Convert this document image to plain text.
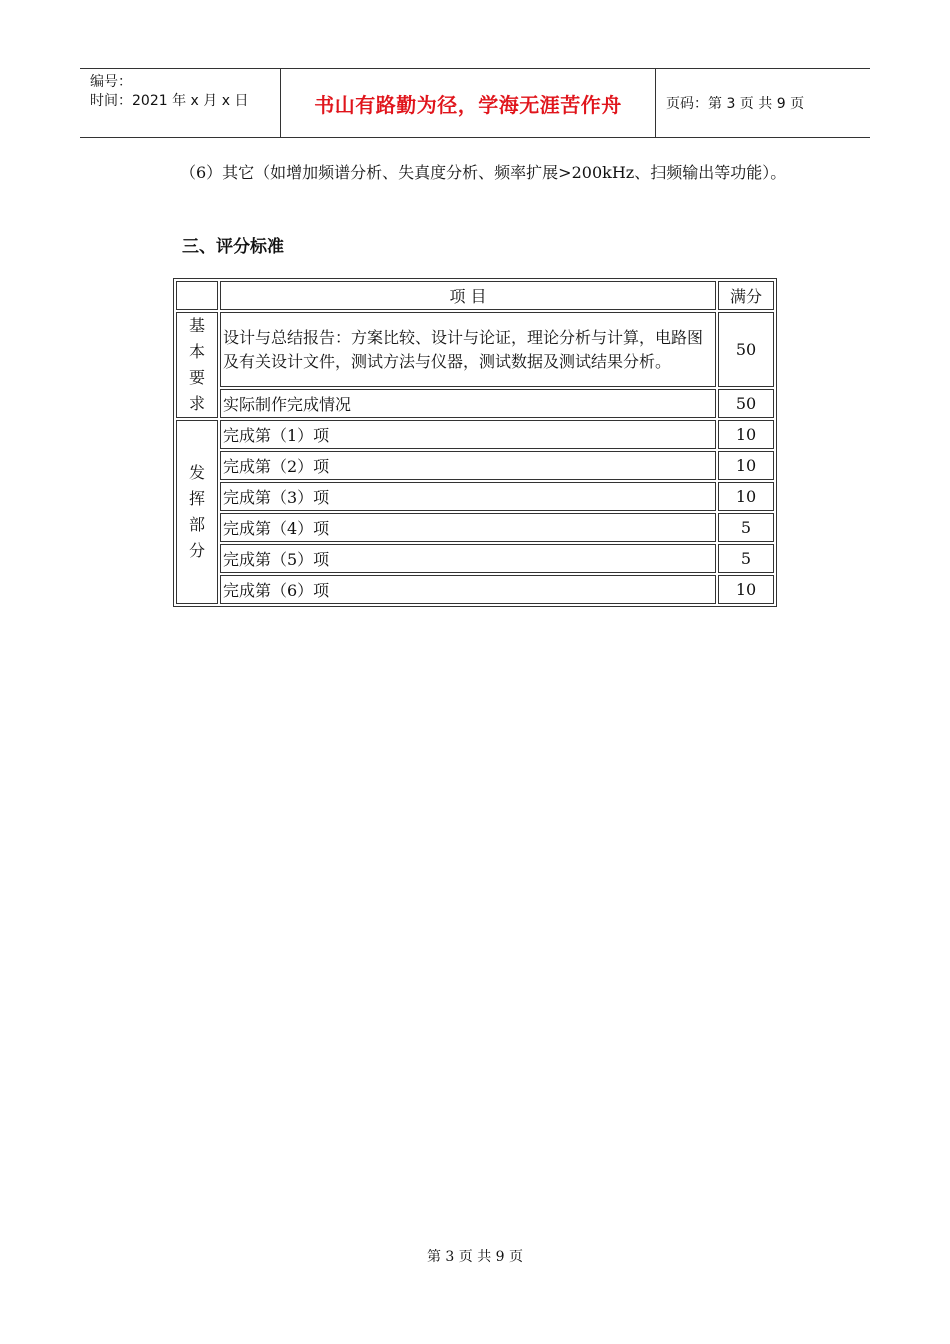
编号：
时间：2021 年 x 月 x 日	书山有路勤为径，学海无涯苦作舟	页码：第 3 页 共 9 页
（6）其它（如增加频谱分析、失真度分析、频率扩展>200kHz、扫频输出等功能）。
三、评分标准
	项 目	满分

基
本
要
求	设计与总结报告：方案比较、设计与论证，理论分析与计算，电路图及有关设计文件，测试方法与仪器，测试数据及测试结果分析。	50
	实际制作完成情况	50

发
挥
部
分	完成第（1）项	10
	完成第（2）项	10
	完成第（3）项	10
	完成第（4）项	5
	完成第（5）项	5
	完成第（6）项	10
第 3 页 共 9 页
